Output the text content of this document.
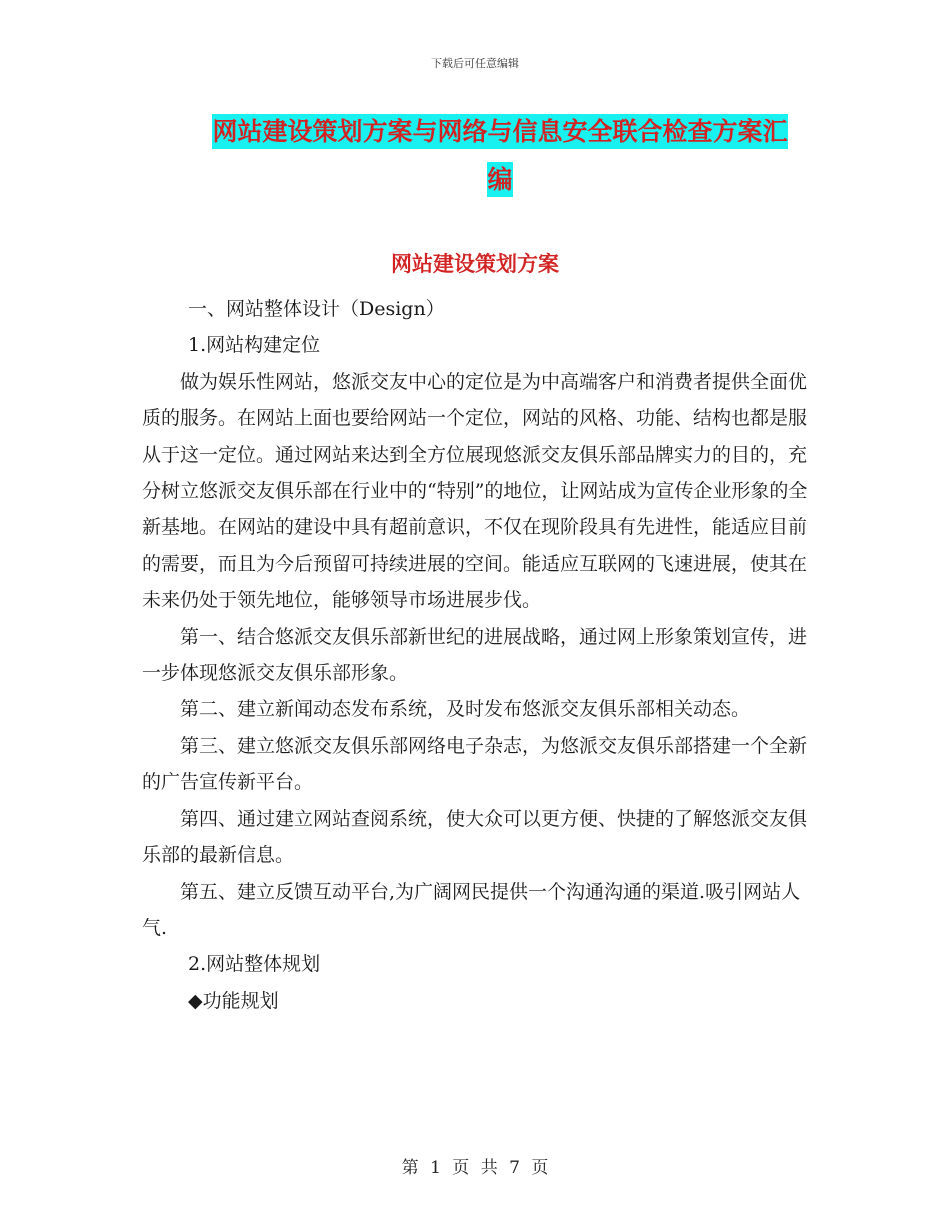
下载后可任意编辑
网站建设策划方案与网络与信息安全联合检查方案汇
编
网站建设策划方案

一、网站整体设计（Design）

1.网站构建定位

做为娱乐性网站，悠派交友中心的定位是为中高端客户和消费者提供全面优质的服务。在网站上面也要给网站一个定位，网站的风格、功能、结构也都是服从于这一定位。通过网站来达到全方位展现悠派交友俱乐部品牌实力的目的，充分树立悠派交友俱乐部在行业中的“特别”的地位，让网站成为宣传企业形象的全新基地。在网站的建设中具有超前意识，不仅在现阶段具有先进性，能适应目前的需要，而且为今后预留可持续进展的空间。能适应互联网的飞速进展，使其在未来仍处于领先地位，能够领导市场进展步伐。

第一、结合悠派交友俱乐部新世纪的进展战略，通过网上形象策划宣传，进一步体现悠派交友俱乐部形象。

第二、建立新闻动态发布系统，及时发布悠派交友俱乐部相关动态。

第三、建立悠派交友俱乐部网络电子杂志，为悠派交友俱乐部搭建一个全新的广告宣传新平台。

第四、通过建立网站查阅系统，使大众可以更方便、快捷的了解悠派交友俱乐部的最新信息。

第五、建立反馈互动平台,为广阔网民提供一个沟通沟通的渠道.吸引网站人气.

2.网站整体规划

◆功能规划

第 1 页 共 7 页
